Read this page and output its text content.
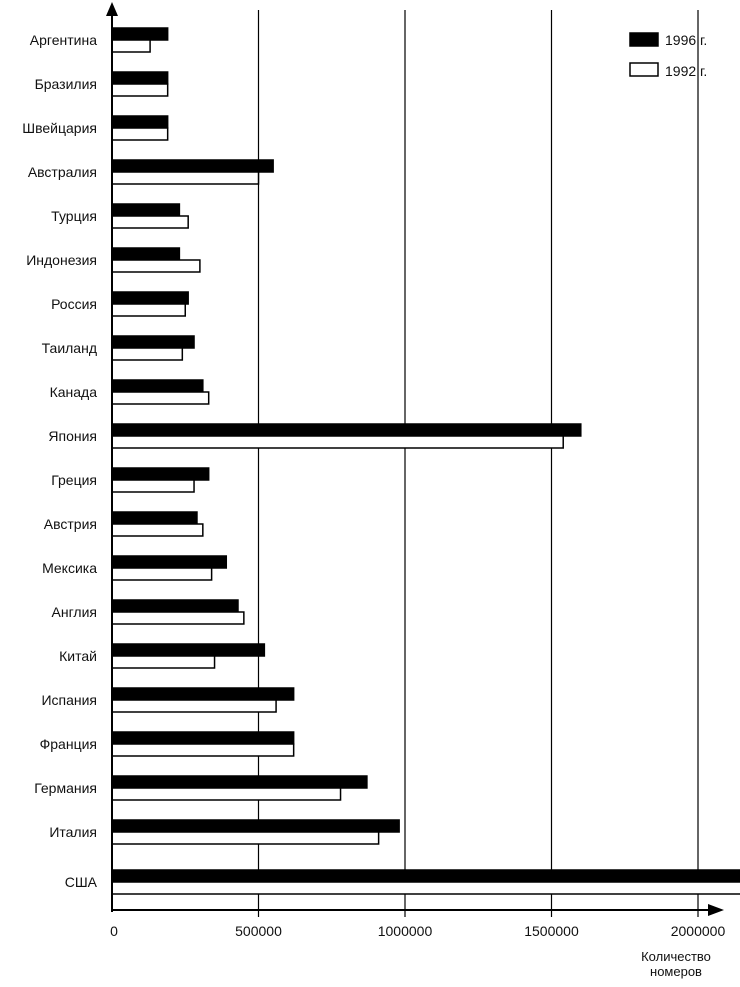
Аргентина
Бразилия
Швейцария
Австралия
Турция
Индонезия
Россия
Таиланд
Канада
Япония
Греция
Австрия
Мексика
Англия
Китай
Испания
Франция
Германия
Италия
США
0	500000	1000000	1500000	2000000
1996 г.
1992 г.
Количество
номеров
